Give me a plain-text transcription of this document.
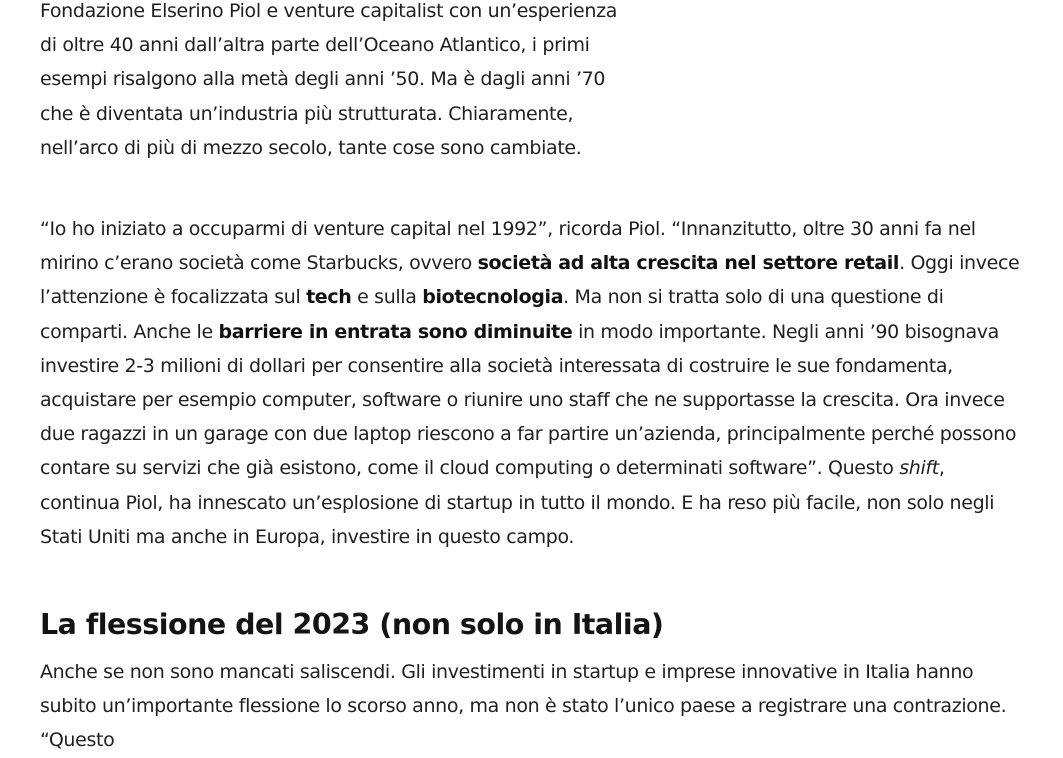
Fondazione Elserino Piol e venture capitalist con un’esperienza di oltre 40 anni dall’altra parte dell’Oceano Atlantico, i primi esempi risalgono alla metà degli anni ’50. Ma è dagli anni ’70 che è diventata un’industria più strutturata. Chiaramente, nell’arco di più di mezzo secolo, tante cose sono cambiate.

“Io ho iniziato a occuparmi di venture capital nel 1992”, ricorda Piol. “Innanzitutto, oltre 30 anni fa nel mirino c’erano società come Starbucks, ovvero società ad alta crescita nel settore retail. Oggi invece l’attenzione è focalizzata sul tech e sulla biotecnologia. Ma non si tratta solo di una questione di comparti. Anche le barriere in entrata sono diminuite in modo importante. Negli anni ’90 bisognava investire 2-3 milioni di dollari per consentire alla società interessata di costruire le sue fondamenta, acquistare per esempio computer, software o riunire uno staff che ne supportasse la crescita. Ora invece due ragazzi in un garage con due laptop riescono a far partire un’azienda, principalmente perché possono contare su servizi che già esistono, come il cloud computing o determinati software”. Questo shift, continua Piol, ha innescato un’esplosione di startup in tutto il mondo. E ha reso più facile, non solo negli Stati Uniti ma anche in Europa, investire in questo campo.

La flessione del 2023 (non solo in Italia)

Anche se non sono mancati saliscendi. Gli investimenti in startup e imprese innovative in Italia hanno subito un’importante flessione lo scorso anno, ma non è stato l’unico paese a registrare una contrazione. “Questo
